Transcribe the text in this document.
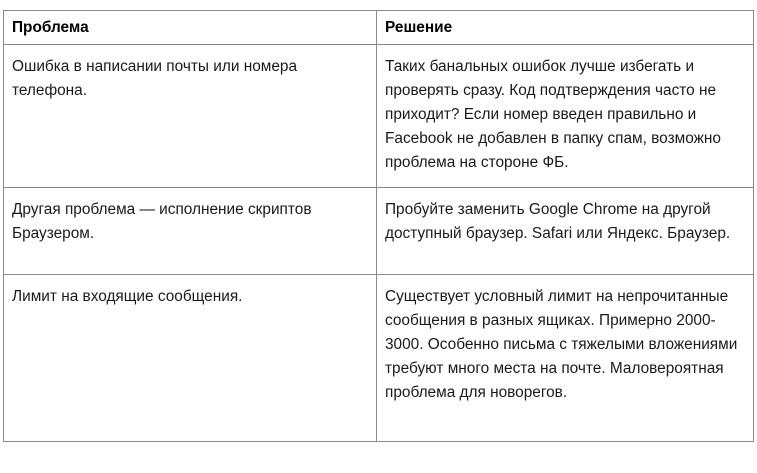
Проблема	Решение
Ошибка в написании почты или номера телефона.	Таких банальных ошибок лучше избегать и проверять сразу. Код подтверждения часто не приходит? Если номер введен правильно и Facebook не добавлен в папку спам, возможно проблема на стороне ФБ.
Другая проблема — исполнение скриптов Браузером.	Пробуйте заменить Google Chrome на другой доступный браузер. Safari или Яндекс. Браузер.
Лимит на входящие сообщения.	Существует условный лимит на непрочитанные сообщения в разных ящиках. Примерно 2000-3000. Особенно письма с тяжелыми вложениями требуют много места на почте. Маловероятная проблема для новорегов.
